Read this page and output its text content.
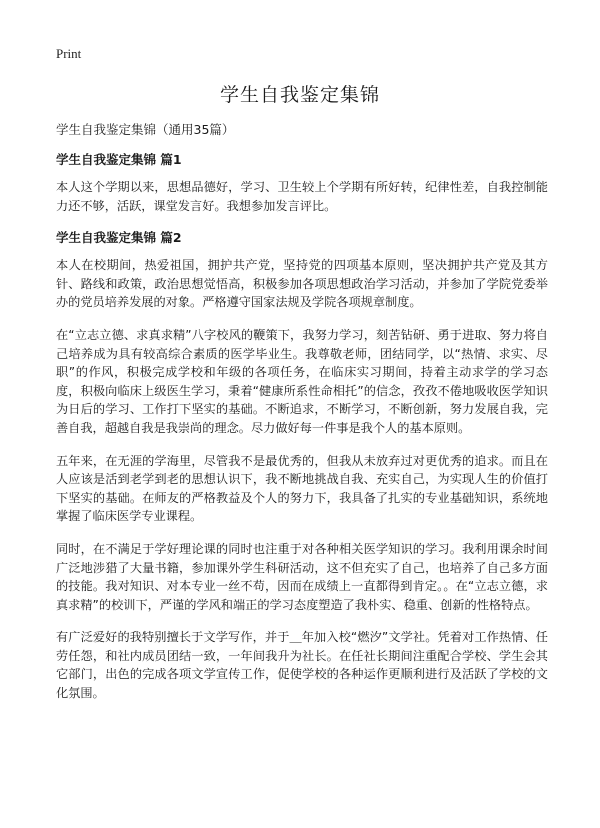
Print
学生自我鉴定集锦

学生自我鉴定集锦（通用35篇）

学生自我鉴定集锦 篇1

本人这个学期以来，思想品德好，学习、卫生较上个学期有所好转，纪律性差，自我控制能力还不够，活跃，课堂发言好。我想参加发言评比。

学生自我鉴定集锦 篇2

本人在校期间，热爱祖国，拥护共产党，坚持党的四项基本原则，坚决拥护共产党及其方针、路线和政策，政治思想觉悟高，积极参加各项思想政治学习活动，并参加了学院党委举办的党员培养发展的对象。严格遵守国家法规及学院各项规章制度。

在“立志立德、求真求精”八字校风的鞭策下，我努力学习，刻苦钻研、勇于进取、努力将自己培养成为具有较高综合素质的医学毕业生。我尊敬老师，团结同学，以“热情、求实、尽职”的作风，积极完成学校和年级的各项任务，在临床实习期间，持着主动求学的学习态度，积极向临床上级医生学习，秉着“健康所系性命相托”的信念，孜孜不倦地吸收医学知识为日后的学习、工作打下坚实的基础。不断追求，不断学习，不断创新，努力发展自我，完善自我，超越自我是我崇尚的理念。尽力做好每一件事是我个人的基本原则。

五年来，在无涯的学海里，尽管我不是最优秀的，但我从未放弃过对更优秀的追求。而且在人应该是活到老学到老的思想认识下，我不断地挑战自我、充实自己，为实现人生的价值打下坚实的基础。在师友的严格教益及个人的努力下，我具备了扎实的专业基础知识，系统地掌握了临床医学专业课程。

同时，在不满足于学好理论课的同时也注重于对各种相关医学知识的学习。我利用课余时间广泛地涉猎了大量书籍，参加课外学生科研活动，这不但充实了自己，也培养了自己多方面的技能。我对知识、对本专业一丝不苟，因而在成绩上一直都得到肯定。。在“立志立德，求真求精”的校训下，严谨的学风和端正的学习态度塑造了我朴实、稳重、创新的性格特点。

有广泛爱好的我特别擅长于文学写作，并于＿年加入校“燃汐”文学社。凭着对工作热情、任劳任怨，和社内成员团结一致，一年间我升为社长。在任社长期间注重配合学校、学生会其它部门，出色的完成各项文学宣传工作，促使学校的各种运作更顺利进行及活跃了学校的文化氛围。
